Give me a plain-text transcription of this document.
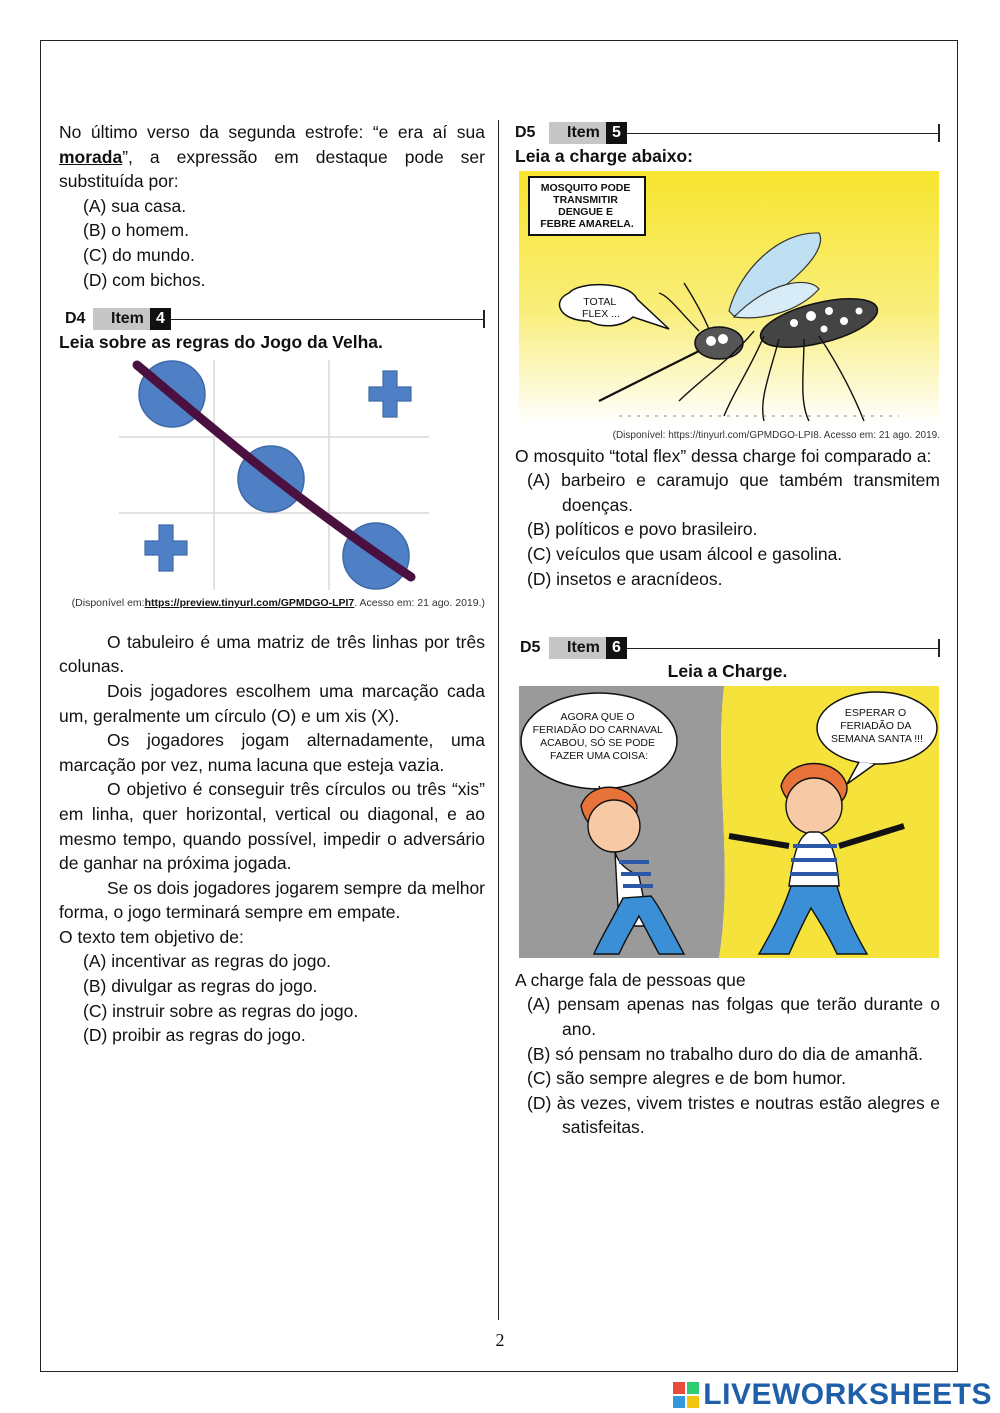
No último verso da segunda estrofe: “e era aí sua morada”, a expressão em destaque pode ser substituída por:

(A) sua casa.

(B) o homem.

(C) do mundo.

(D) com bichos.

D4	Item 4

Leia sobre as regras do Jogo da Velha.

(Disponível em:https://preview.tinyurl.com/GPMDGO-LPI7. Acesso em: 21 ago. 2019.)

O tabuleiro é uma matriz de três linhas por três colunas.

Dois jogadores escolhem uma marcação cada um, geralmente um círculo (O) e um xis (X).

Os jogadores jogam alternadamente, uma marcação por vez, numa lacuna que esteja vazia.

O objetivo é conseguir três círculos ou três “xis” em linha, quer horizontal, vertical ou diagonal, e ao mesmo tempo, quando possível, impedir o adversário de ganhar na próxima jogada.

Se os dois jogadores jogarem sempre da melhor forma, o jogo terminará sempre em empate.

O texto tem objetivo de:

(A) incentivar as regras do jogo.

(B) divulgar as regras do jogo.

(C) instruir sobre as regras do jogo.

(D) proibir as regras do jogo.

D5	Item 5

Leia a charge abaixo:

MOSQUITO PODE TRANSMITIR DENGUE E FEBRE AMARELA.
TOTAL FLEX ...

(Disponível: https://tinyurl.com/GPMDGO-LPI8. Acesso em: 21 ago. 2019.

O mosquito “total flex” dessa charge foi comparado a:

(A) barbeiro e caramujo que também transmitem doenças.

(B) políticos e povo brasileiro.

(C) veículos que usam álcool e gasolina.

(D) insetos e aracnídeos.

D5	Item 6

Leia a Charge.

AGORA QUE O FERIADÃO DO CARNAVAL ACABOU, SÓ SE PODE FAZER UMA COISA:
ESPERAR O FERIADÃO DA SEMANA SANTA !!!

A charge fala de pessoas que

(A) pensam apenas nas folgas que terão durante o ano.

(B) só pensam no trabalho duro do dia de amanhã.

(C) são sempre alegres e de bom humor.

(D) às vezes, vivem tristes e noutras estão alegres e satisfeitas.

2
LIVEWORKSHEETS
